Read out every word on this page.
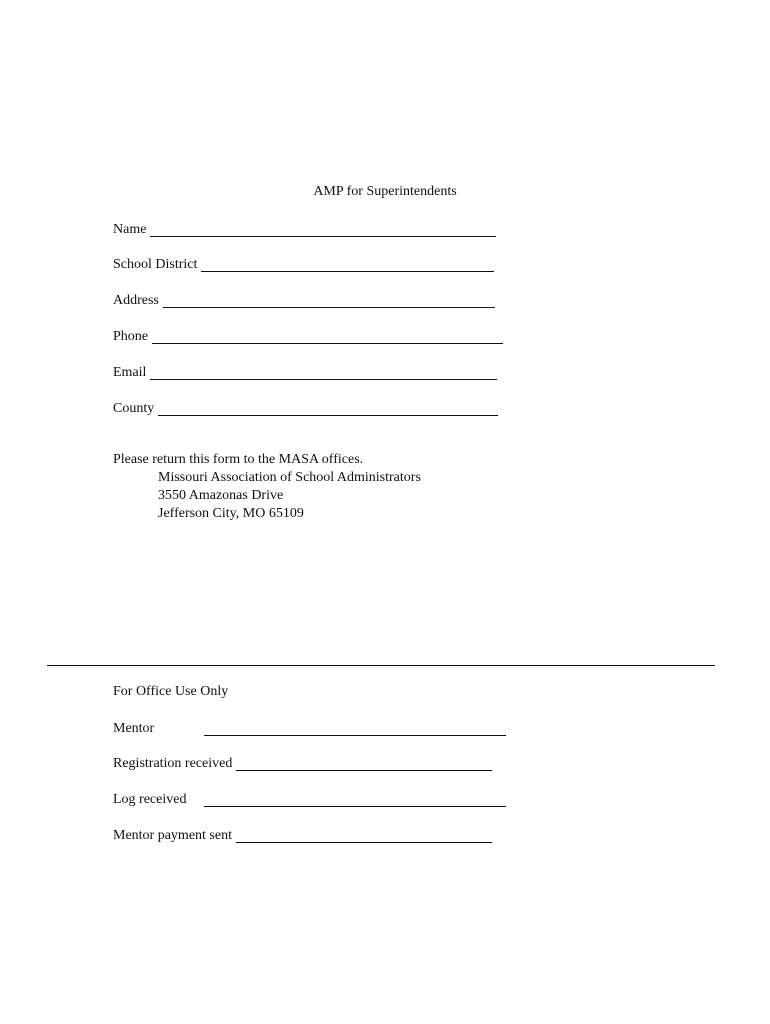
AMP for Superintendents
Name
School District
Address
Phone
Email
County
Please return this form to the MASA offices.
Missouri Association of School Administrators
3550 Amazonas Drive
Jefferson City, MO 65109
For Office Use Only
Mentor
Registration received
Log received
Mentor payment sent
